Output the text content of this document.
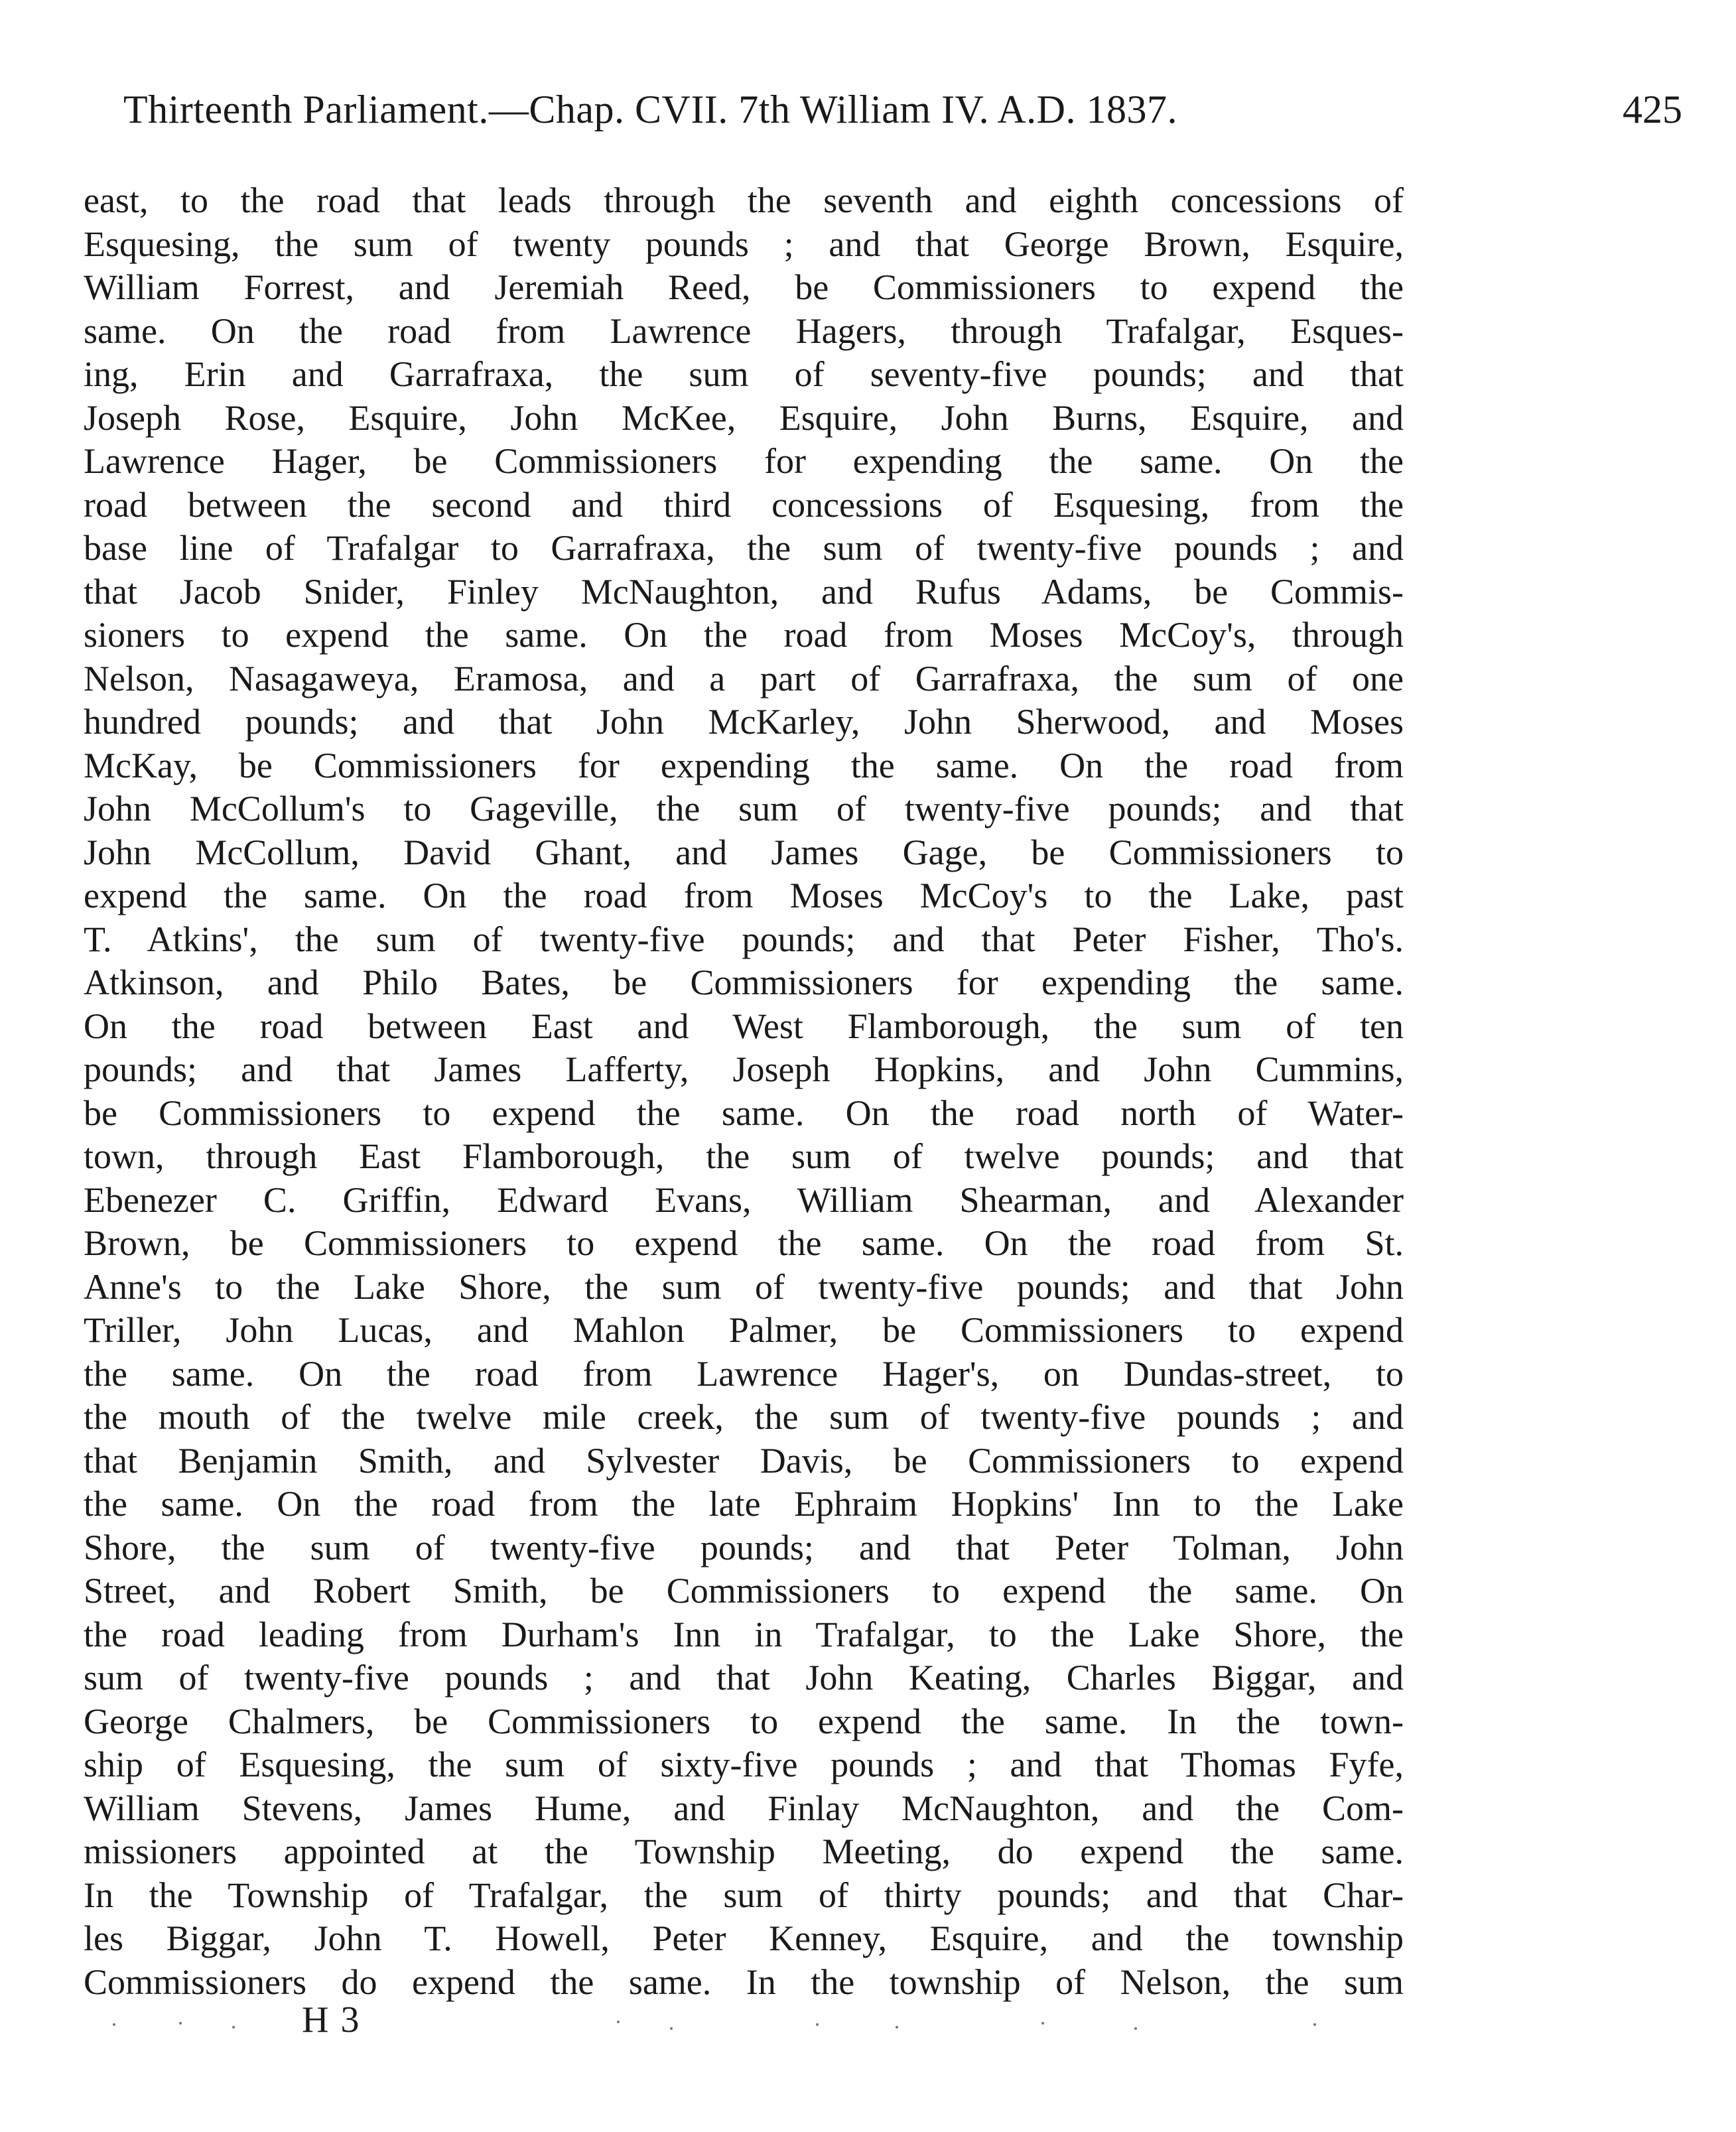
Thirteenth Parliament.—Chap. CVII. 7th William IV. A.D. 1837.	425
east, to the road that leads through the seventh and eighth concessions of
Esquesing, the sum of twenty pounds ; and that George Brown, Esquire,
William Forrest, and Jeremiah Reed, be Commissioners to expend the
same. On the road from Lawrence Hagers, through Trafalgar, Esques-
ing, Erin and Garrafraxa, the sum of seventy-five pounds; and that
Joseph Rose, Esquire, John McKee, Esquire, John Burns, Esquire, and
Lawrence Hager, be Commissioners for expending the same. On the
road between the second and third concessions of Esquesing, from the
base line of Trafalgar to Garrafraxa, the sum of twenty-five pounds ; and
that Jacob Snider, Finley McNaughton, and Rufus Adams, be Commis-
sioners to expend the same. On the road from Moses McCoy's, through
Nelson, Nasagaweya, Eramosa, and a part of Garrafraxa, the sum of one
hundred pounds; and that John McKarley, John Sherwood, and Moses
McKay, be Commissioners for expending the same. On the road from
John McCollum's to Gageville, the sum of twenty-five pounds; and that
John McCollum, David Ghant, and James Gage, be Commissioners to
expend the same. On the road from Moses McCoy's to the Lake, past
T. Atkins', the sum of twenty-five pounds; and that Peter Fisher, Tho's.
Atkinson, and Philo Bates, be Commissioners for expending the same.
On the road between East and West Flamborough, the sum of ten
pounds; and that James Lafferty, Joseph Hopkins, and John Cummins,
be Commissioners to expend the same. On the road north of Water-
town, through East Flamborough, the sum of twelve pounds; and that
Ebenezer C. Griffin, Edward Evans, William Shearman, and Alexander
Brown, be Commissioners to expend the same. On the road from St.
Anne's to the Lake Shore, the sum of twenty-five pounds; and that John
Triller, John Lucas, and Mahlon Palmer, be Commissioners to expend
the same. On the road from Lawrence Hager's, on Dundas-street, to
the mouth of the twelve mile creek, the sum of twenty-five pounds ; and
that Benjamin Smith, and Sylvester Davis, be Commissioners to expend
the same. On the road from the late Ephraim Hopkins' Inn to the Lake
Shore, the sum of twenty-five pounds; and that Peter Tolman, John
Street, and Robert Smith, be Commissioners to expend the same. On
the road leading from Durham's Inn in Trafalgar, to the Lake Shore, the
sum of twenty-five pounds ; and that John Keating, Charles Biggar, and
George Chalmers, be Commissioners to expend the same. In the town-
ship of Esquesing, the sum of sixty-five pounds ; and that Thomas Fyfe,
William Stevens, James Hume, and Finlay McNaughton, and the Com-
missioners appointed at the Township Meeting, do expend the same.
In the Township of Trafalgar, the sum of thirty pounds; and that Char-
les Biggar, John T. Howell, Peter Kenney, Esquire, and the township
Commissioners do expend the same. In the township of Nelson, the sum
H 3
